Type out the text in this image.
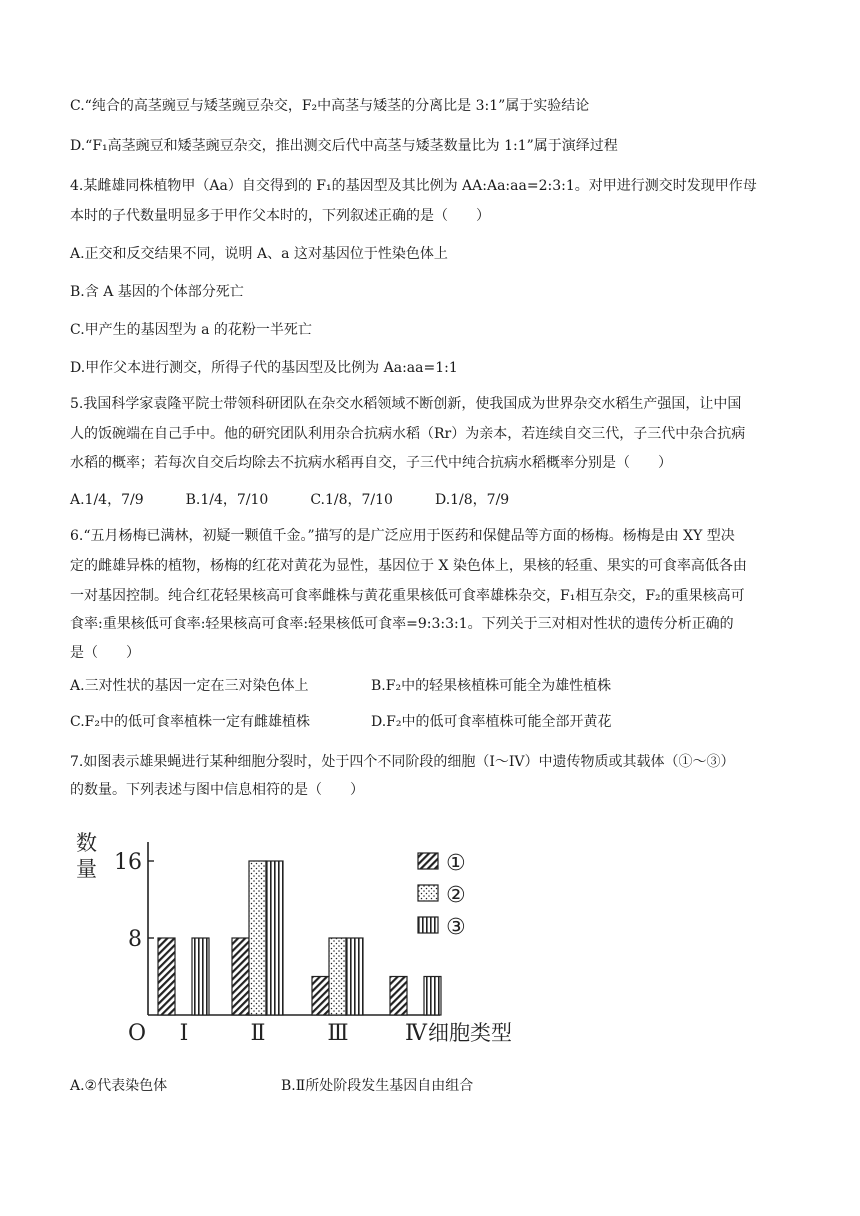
C.“纯合的高茎豌豆与矮茎豌豆杂交，F₂中高茎与矮茎的分离比是 3:1”属于实验结论
D.“F₁高茎豌豆和矮茎豌豆杂交，推出测交后代中高茎与矮茎数量比为 1:1”属于演绎过程
4.某雌雄同株植物甲（Aa）自交得到的 F₁的基因型及其比例为 AA:Aa:aa=2:3:1。对甲进行测交时发现甲作母
本时的子代数量明显多于甲作父本时的，下列叙述正确的是（　　）
A.正交和反交结果不同，说明 A、a 这对基因位于性染色体上
B.含 A 基因的个体部分死亡
C.甲产生的基因型为 a 的花粉一半死亡
D.甲作父本进行测交，所得子代的基因型及比例为 Aa:aa=1:1
5.我国科学家袁隆平院士带领科研团队在杂交水稻领域不断创新，使我国成为世界杂交水稻生产强国，让中国
人的饭碗端在自己手中。他的研究团队利用杂合抗病水稻（Rr）为亲本，若连续自交三代，子三代中杂合抗病
水稻的概率；若每次自交后均除去不抗病水稻再自交，子三代中纯合抗病水稻概率分别是（　　）
A.1/4，7/9　　　B.1/4，7/10　　　C.1/8，7/10　　　D.1/8，7/9
6.“五月杨梅已满林，初疑一颗值千金。”描写的是广泛应用于医药和保健品等方面的杨梅。杨梅是由 XY 型决
定的雌雄异株的植物，杨梅的红花对黄花为显性，基因位于 X 染色体上，果核的轻重、果实的可食率高低各由
一对基因控制。纯合红花轻果核高可食率雌株与黄花重果核低可食率雄株杂交，F₁相互杂交，F₂的重果核高可
食率:重果核低可食率:轻果核高可食率:轻果核低可食率=9:3:3:1。下列关于三对相对性状的遗传分析正确的
是（　　）
A.三对性状的基因一定在三对染色体上	B.F₂中的轻果核植株可能全为雄性植株
C.F₂中的低可食率植株一定有雌雄植株	D.F₂中的低可食率植株可能全部开黄花
7.如图表示雄果蝇进行某种细胞分裂时，处于四个不同阶段的细胞（I～IV）中遗传物质或其载体（①～③）
的数量。下列表述与图中信息相符的是（　　）
数量
8
16
O Ⅰ	Ⅱ	Ⅲ	Ⅳ 细胞类型
①
②
③
A.②代表染色体	B.Ⅱ所处阶段发生基因自由组合
